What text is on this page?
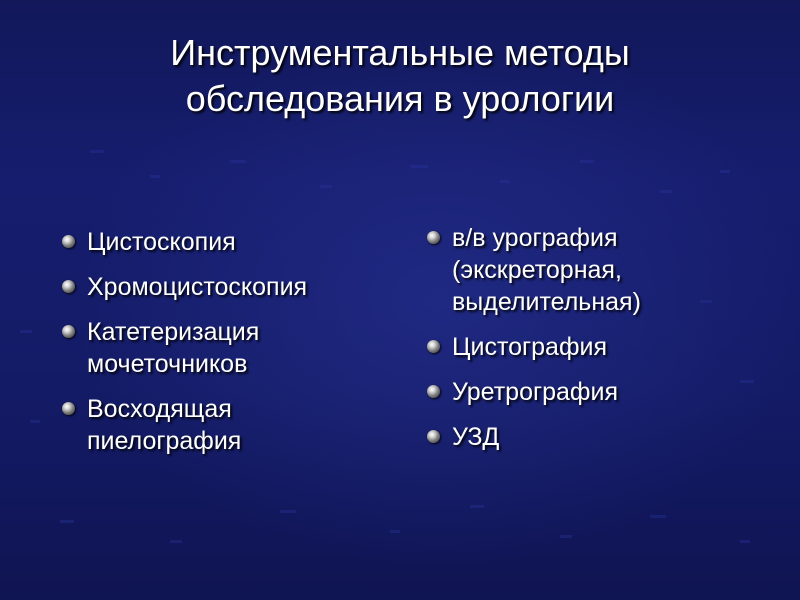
Инструментальные методы
обследования в урологии
Цистоскопия
Хромоцистоскопия
Катетеризация
мочеточников
Восходящая
пиелография
в/в урография
(экскреторная,
выделительная)
Цистография
Уретрография
УЗД
